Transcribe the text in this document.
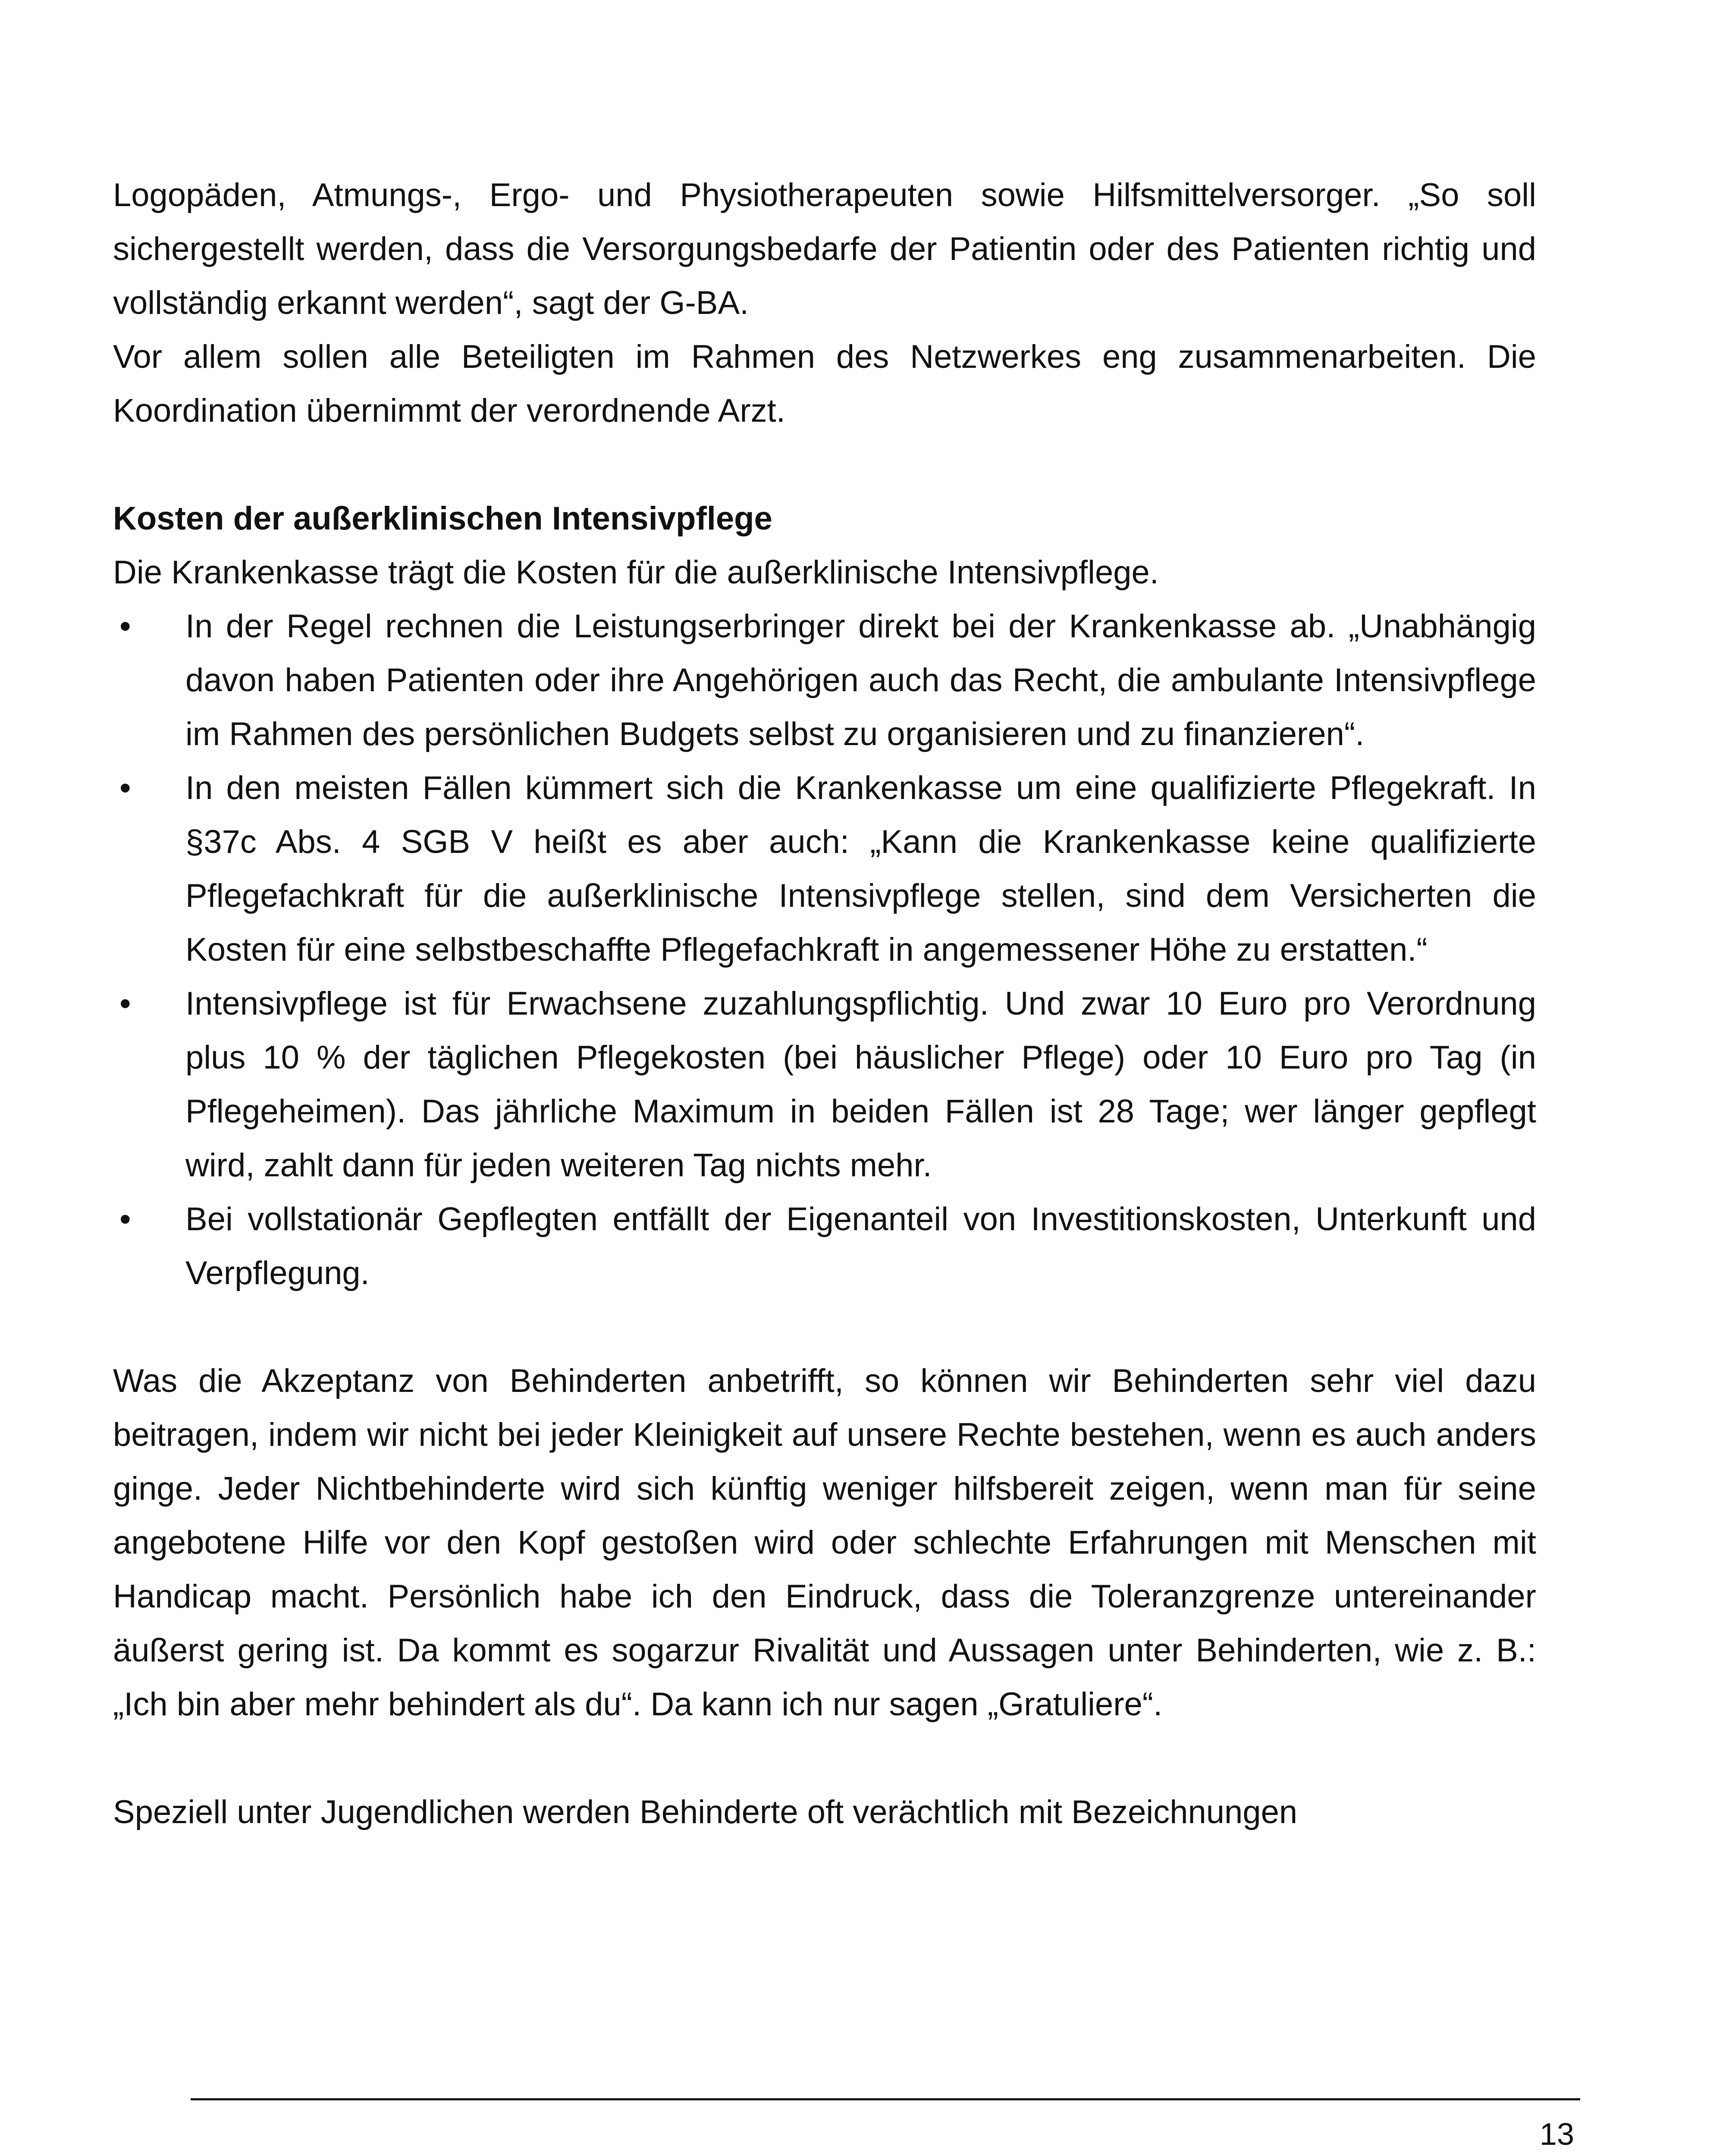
Logopäden, Atmungs-, Ergo- und Physiotherapeuten sowie Hilfsmittelversorger. „So soll sichergestellt werden, dass die Versorgungsbedarfe der Patientin oder des Patienten richtig und vollständig erkannt werden“, sagt der G-BA.

Vor allem sollen alle Beteiligten im Rahmen des Netzwerkes eng zusammenarbeiten. Die Koordination übernimmt der verordnende Arzt.

Kosten der außerklinischen Intensivpflege

Die Krankenkasse trägt die Kosten für die außerklinische Intensivpflege.

• In der Regel rechnen die Leistungserbringer direkt bei der Krankenkasse ab. „Unabhängig davon haben Patienten oder ihre Angehörigen auch das Recht, die ambulante Intensivpflege im Rahmen des persönlichen Budgets selbst zu organisieren und zu finanzieren“.
• In den meisten Fällen kümmert sich die Krankenkasse um eine qualifizierte Pflegekraft. In §37c Abs. 4 SGB V heißt es aber auch: „Kann die Krankenkasse keine qualifizierte Pflegefachkraft für die außerklinische Intensivpflege stellen, sind dem Versicherten die Kosten für eine selbstbeschaffte Pflegefachkraft in angemessener Höhe zu erstatten.“
• Intensivpflege ist für Erwachsene zuzahlungspflichtig. Und zwar 10 Euro pro Verordnung plus 10 % der täglichen Pflegekosten (bei häuslicher Pflege) oder 10 Euro pro Tag (in Pflegeheimen). Das jährliche Maximum in beiden Fällen ist 28 Tage; wer länger gepflegt wird, zahlt dann für jeden weiteren Tag nichts mehr.
• Bei vollstationär Gepflegten entfällt der Eigenanteil von Investitionskosten, Unterkunft und Verpflegung.

Was die Akzeptanz von Behinderten anbetrifft, so können wir Behinderten sehr viel dazu beitragen, indem wir nicht bei jeder Kleinigkeit auf unsere Rechte bestehen, wenn es auch anders ginge. Jeder Nichtbehinderte wird sich künftig weniger hilfsbereit zeigen, wenn man für seine angebotene Hilfe vor den Kopf gestoßen wird oder schlechte Erfahrungen mit Menschen mit Handicap macht. Persönlich habe ich den Eindruck, dass die Toleranzgrenze untereinander äußerst gering ist. Da kommt es sogarzur Rivalität und Aussagen unter Behinderten, wie z. B.: „Ich bin aber mehr behindert als du“. Da kann ich nur sagen „Gratuliere“.

Speziell unter Jugendlichen werden Behinderte oft verächtlich mit Bezeichnungen

13
